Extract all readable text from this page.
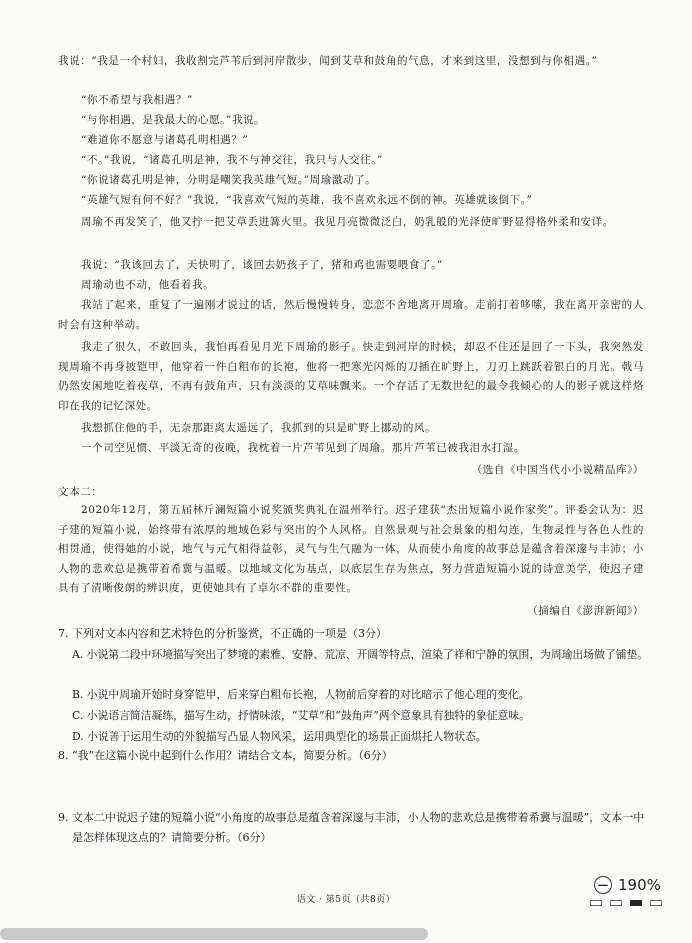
我说：“我是一个村妇，我收割完芦苇后到河岸散步，闻到艾草和鼓角的气息，才来到这里，没想到与你相遇。”

“你不希望与我相遇？”

“与你相遇，是我最大的心愿。”我说。

“难道你不愿意与诸葛孔明相遇？”

“不。”我说，“诸葛孔明是神，我不与神交往，我只与人交往。”

“你说诸葛孔明是神，分明是嘲笑我英雄气短。”周瑜激动了。

“英雄气短有何不好？”我说，“我喜欢气短的英雄，我不喜欢永远不倒的神。英雄就该倒下。”

周瑜不再发笑了，他又拧一把艾草丢进篝火里。我见月亮微微泛白，奶乳般的光泽使旷野显得格外柔和安详。

我说：“我该回去了，天快明了，该回去奶孩子了，猪和鸡也需要喂食了。”

周瑜动也不动，他看着我。

我站了起来，重复了一遍刚才说过的话，然后慢慢转身，恋恋不舍地离开周瑜。走前打着哆嗦，我在离开亲密的人时会有这种举动。

我走了很久，不敢回头，我怕再看见月光下周瑜的影子。快走到河岸的时候，却忍不住还是回了一下头，我突然发现周瑜不再身披铠甲，他穿着一件白粗布的长袍，他将一把寒光闪烁的刀插在旷野上，刀刃上跳跃着银白的月光。戟马仍然安闲地吃着夜草，不再有鼓角声，只有淡淡的艾草味飘来。一个存活了无数世纪的最令我倾心的人的影子就这样烙印在我的记忆深处。

我想抓住他的手，无奈那距离太遥远了，我抓到的只是旷野上挪动的风。

一个司空见惯、平淡无奇的夜晚，我枕着一片芦苇见到了周瑜。那片芦苇已被我泪水打湿。

（选自《中国当代小小说精品库》）

文本二：

2020年12月，第五届林斤澜短篇小说奖颁奖典礼在温州举行。迟子建获“杰出短篇小说作家奖”。评委会认为：迟子建的短篇小说，始终带有浓厚的地域色彩与突出的个人风格。自然景观与社会景象的相勾连，生物灵性与各色人性的相贯通，使得她的小说，地气与元气相得益彰，灵气与生气融为一体，从而使小角度的故事总是蕴含着深邃与丰沛；小人物的悲欢总是携带着希冀与温暖。以地域文化为基点，以底层生存为焦点，努力营造短篇小说的诗意美学，使迟子建具有了清晰俊朗的辨识度，更使她具有了卓尔不群的重要性。

（摘编自《澎湃新闻》）

7. 下列对文本内容和艺术特色的分析鉴赏，不正确的一项是（3分）

A. 小说第二段中环境描写突出了梦境的素雅、安静、荒凉、开阔等特点，渲染了祥和宁静的氛围，为周瑜出场做了铺垫。

B. 小说中周瑜开始时身穿铠甲，后来穿白粗布长袍，人物前后穿着的对比暗示了他心理的变化。

C. 小说语言简洁凝练，描写生动，抒情味浓，“艾草”和“鼓角声”两个意象具有独特的象征意味。

D. 小说善于运用生动的外貌描写凸显人物风采，运用典型化的场景正面烘托人物状态。

8. “我”在这篇小说中起到什么作用？请结合文本，简要分析。（6分）

9. 文本二中说迟子建的短篇小说“小角度的故事总是蕴含着深邃与丰沛，小人物的悲欢总是携带着希冀与温暖”，文本一中是怎样体现这点的？请简要分析。（6分）

语文 · 第5页（共8页）
− 190%
